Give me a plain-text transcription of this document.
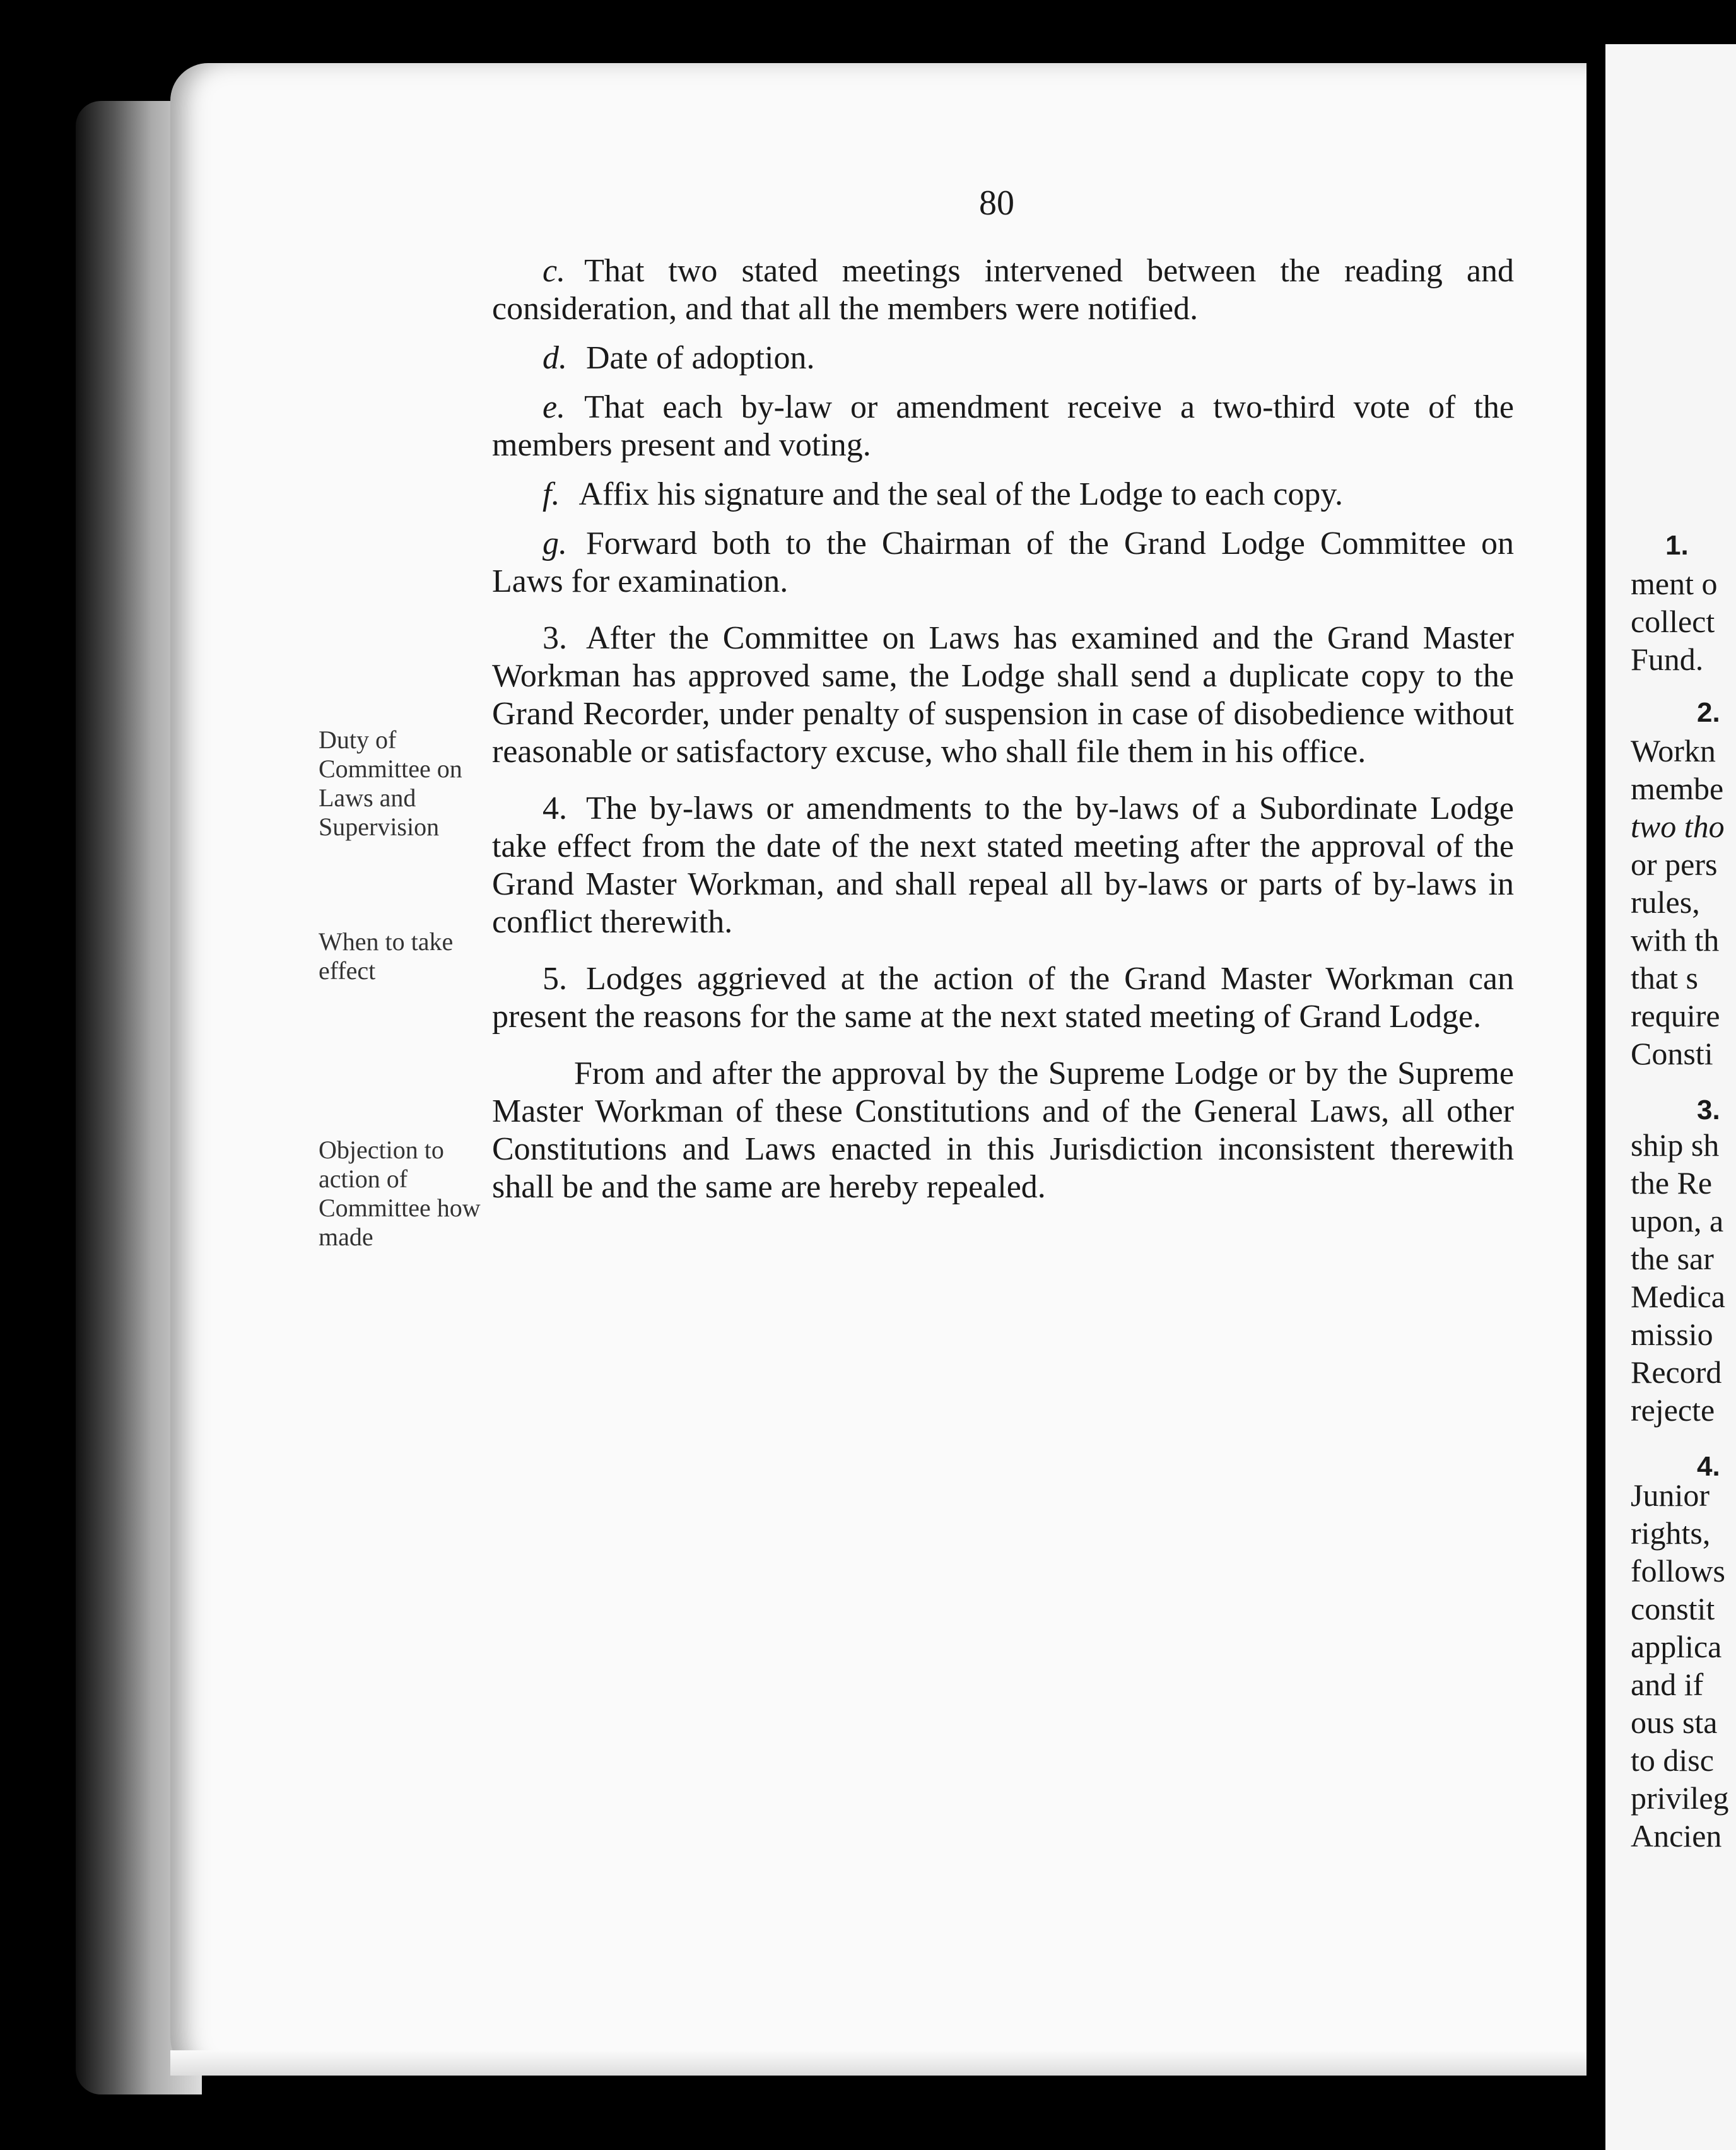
80

c. That two stated meetings intervened between the reading and consideration, and that all the members were notified.

d. Date of adoption.

e. That each by-law or amendment receive a two-third vote of the members present and voting.

f. Affix his signature and the seal of the Lodge to each copy.

g. Forward both to the Chairman of the Grand Lodge Committee on Laws for examination.

3. After the Committee on Laws has examined and the Grand Master Workman has approved same, the Lodge shall send a duplicate copy to the Grand Recorder, under penalty of suspension in case of disobedience without reasonable or satisfactory excuse, who shall file them in his office.

4. The by-laws or amendments to the by-laws of a Subordinate Lodge take effect from the date of the next stated meeting after the approval of the Grand Master Workman, and shall repeal all by-laws or parts of by-laws in conflict therewith.

5. Lodges aggrieved at the action of the Grand Master Workman can present the reasons for the same at the next stated meeting of Grand Lodge.

From and after the approval by the Supreme Lodge or by the Supreme Master Workman of these Constitutions and of the General Laws, all other Constitutions and Laws enacted in this Jurisdiction inconsistent therewith shall be and the same are hereby repealed.

Duty of Committee on Laws and Supervision
When to take effect
Objection to action of Committee how made
1.
ment o
collect
Fund.
2.
Workn
membe
two tho
or pers
rules,
with th
that s
require
Consti
3.
ship sh
the Re
upon, a
the sar
Medica
missio
Record
rejecte
4.
Junior
rights,
follows
constit
applica
and if
ous sta
to disc
privileg
Ancien
